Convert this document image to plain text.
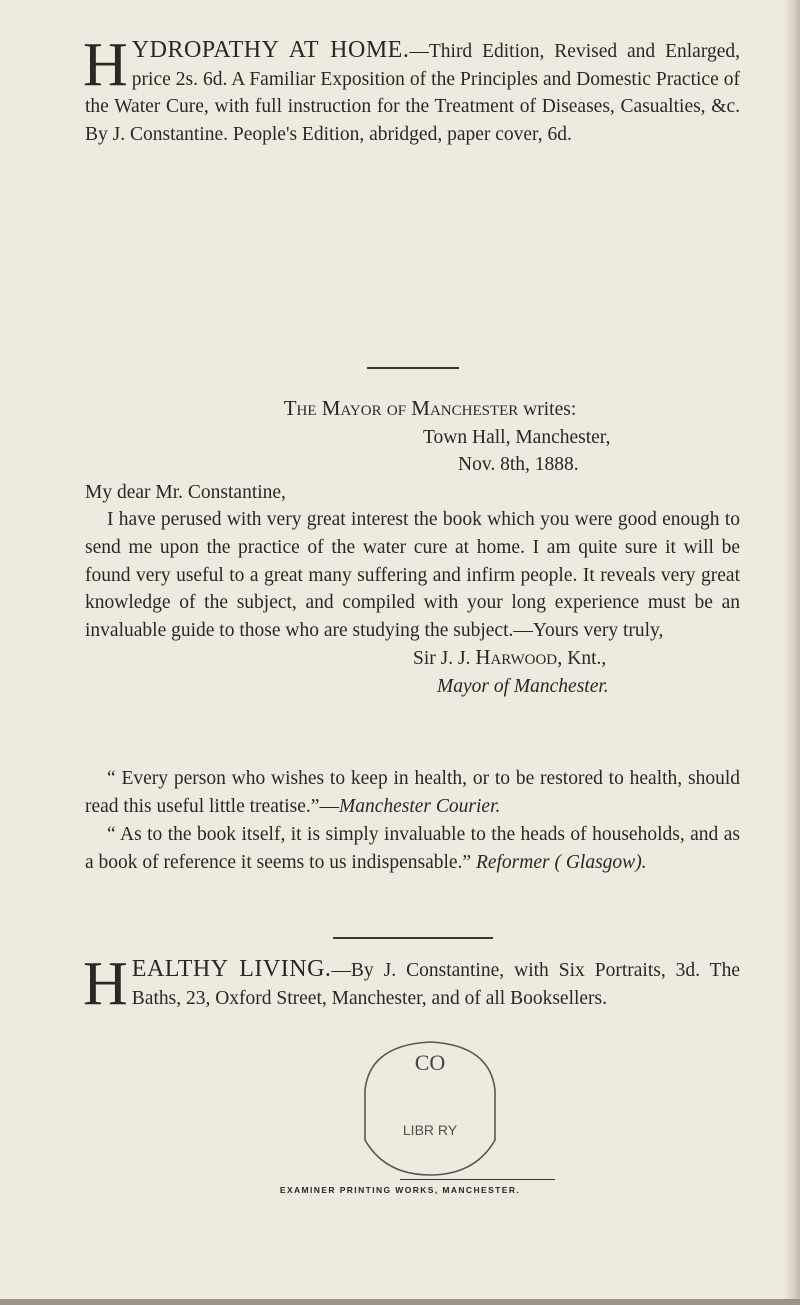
H YDROPATHY AT HOME.—Third Edition, Revised and Enlarged, price 2s. 6d. A Familiar Exposition of the Principles and Domestic Practice of the Water Cure, with full instruction for the Treatment of Diseases, Casualties, &c. By J. Constantine. People's Edition, abridged, paper cover, 6d.
The Mayor of Manchester writes:
Town Hall, Manchester,
Nov. 8th, 1888.
My dear Mr. Constantine,
I have perused with very great interest the book which you were good enough to send me upon the practice of the water cure at home. I am quite sure it will be found very useful to a great many suffering and infirm people. It reveals very great knowledge of the subject, and compiled with your long experience must be an invaluable guide to those who are studying the subject.—Yours very truly,
Sir J. J. Harwood, Knt.,
Mayor of Manchester.
“ Every person who wishes to keep in health, or to be restored to health, should read this useful little treatise.”—Manchester Courier.
“ As to the book itself, it is simply invaluable to the heads of households, and as a book of reference it seems to us indispensable.” Reformer ( Glasgow).
H EALTHY LIVING.—By J. Constantine, with Six Portraits, 3d. The Baths, 23, Oxford Street, Manchester, and of all Booksellers.
CO
LIBR RY
EXAMINER PRINTING WORKS, MANCHESTER.
